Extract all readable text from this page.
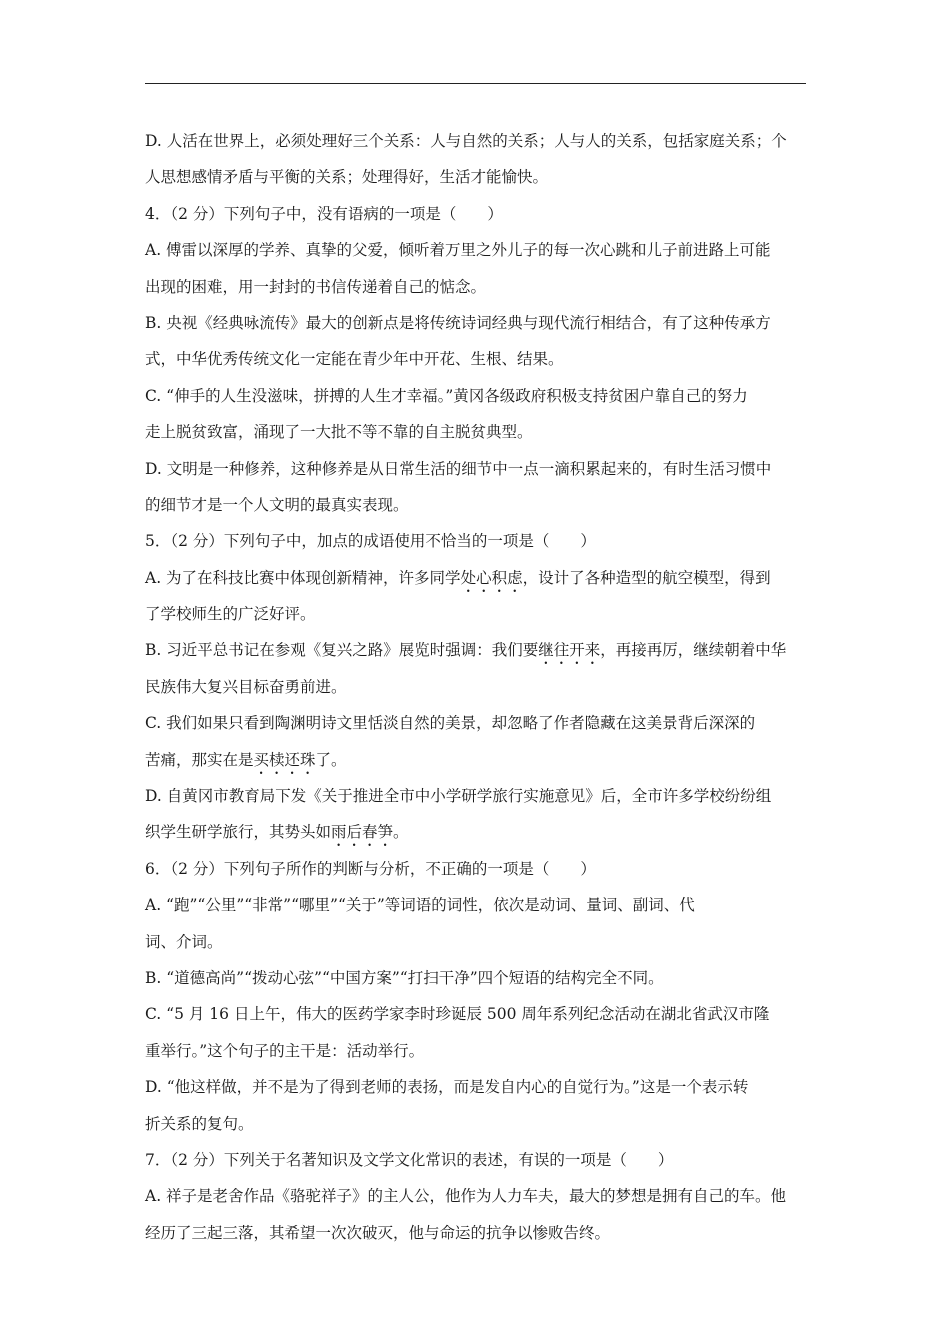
D. 人活在世界上，必须处理好三个关系：人与自然的关系；人与人的关系，包括家庭关系；个
人思想感情矛盾与平衡的关系；处理得好，生活才能愉快。
4．（2 分）下列句子中，没有语病的一项是（　　）
A. 傅雷以深厚的学养、真挚的父爱，倾听着万里之外儿子的每一次心跳和儿子前进路上可能
出现的困难，用一封封的书信传递着自己的惦念。
B. 央视《经典咏流传》最大的创新点是将传统诗词经典与现代流行相结合，有了这种传承方
式，中华优秀传统文化一定能在青少年中开花、生根、结果。
C. “伸手的人生没滋味，拼搏的人生才幸福。”黄冈各级政府积极支持贫困户靠自己的努力
走上脱贫致富，涌现了一大批不等不靠的自主脱贫典型。
D. 文明是一种修养，这种修养是从日常生活的细节中一点一滴积累起来的，有时生活习惯中
的细节才是一个人文明的最真实表现。
5．（2 分）下列句子中，加点的成语使用不恰当的一项是（　　）
A. 为了在科技比赛中体现创新精神，许多同学处心积虑，设计了各种造型的航空模型，得到
了学校师生的广泛好评。
B. 习近平总书记在参观《复兴之路》展览时强调：我们要继往开来，再接再厉，继续朝着中华
民族伟大复兴目标奋勇前进。
C. 我们如果只看到陶渊明诗文里恬淡自然的美景，却忽略了作者隐藏在这美景背后深深的
苦痛，那实在是买椟还珠了。
D. 自黄冈市教育局下发《关于推进全市中小学研学旅行实施意见》后，全市许多学校纷纷组
织学生研学旅行，其势头如雨后春笋。
6．（2 分）下列句子所作的判断与分析，不正确的一项是（　　）
A. “跑”“公里”“非常”“哪里”“关于”等词语的词性，依次是动词、量词、副词、代
词、介词。
B. “道德高尚”“拨动心弦”“中国方案”“打扫干净”四个短语的结构完全不同。
C. “5 月 16 日上午，伟大的医药学家李时珍诞辰 500 周年系列纪念活动在湖北省武汉市隆
重举行。”这个句子的主干是：活动举行。
D. “他这样做，并不是为了得到老师的表扬，而是发自内心的自觉行为。”这是一个表示转
折关系的复句。
7．（2 分）下列关于名著知识及文学文化常识的表述，有误的一项是（　　）
A. 祥子是老舍作品《骆驼祥子》的主人公，他作为人力车夫，最大的梦想是拥有自己的车。他
经历了三起三落，其希望一次次破灭，他与命运的抗争以惨败告终。
